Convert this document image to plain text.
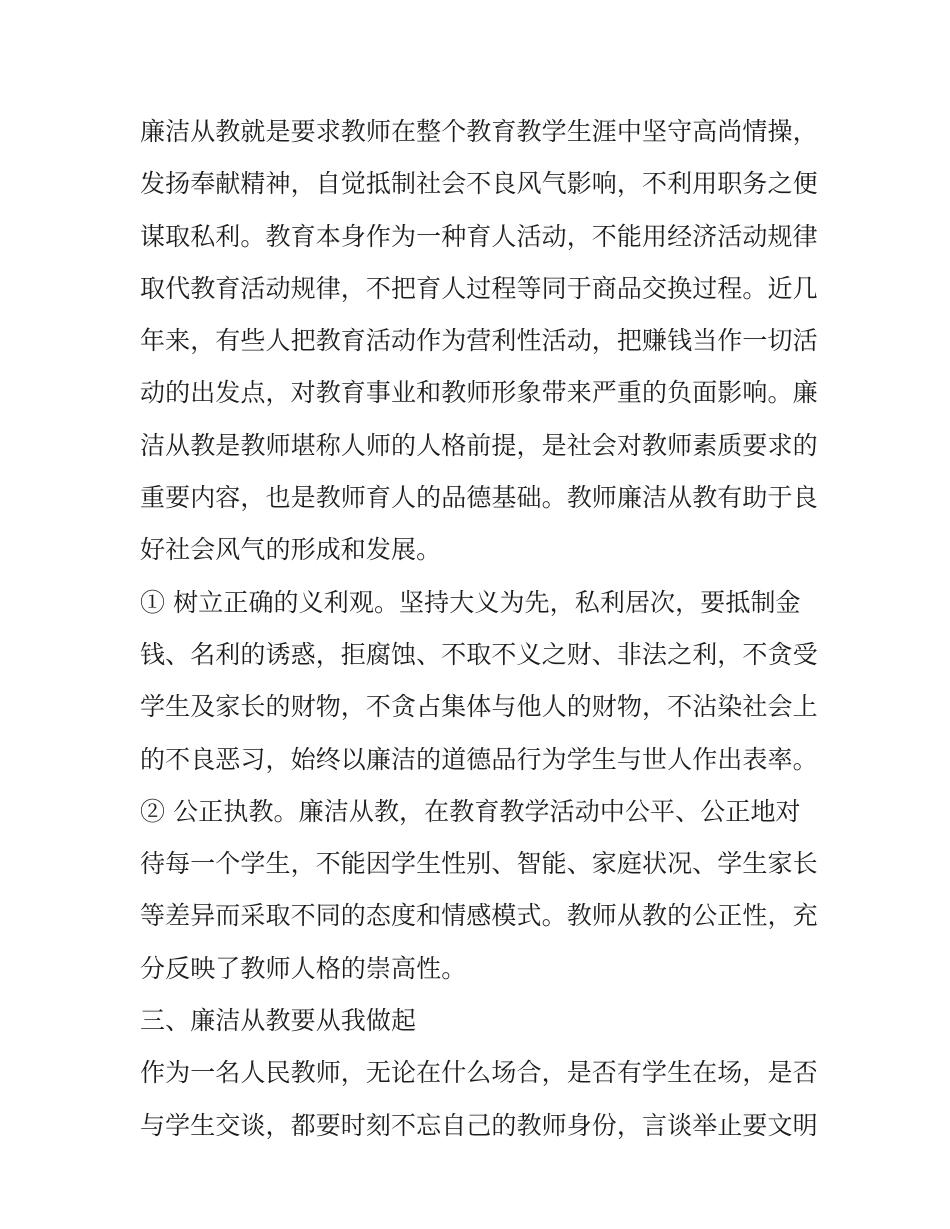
廉洁从教就是要求教师在整个教育教学生涯中坚守高尚情操，
发扬奉献精神，自觉抵制社会不良风气影响，不利用职务之便
谋取私利。教育本身作为一种育人活动，不能用经济活动规律
取代教育活动规律，不把育人过程等同于商品交换过程。近几
年来，有些人把教育活动作为营利性活动，把赚钱当作一切活
动的出发点，对教育事业和教师形象带来严重的负面影响。廉
洁从教是教师堪称人师的人格前提，是社会对教师素质要求的
重要内容，也是教师育人的品德基础。教师廉洁从教有助于良
好社会风气的形成和发展。
① 树立正确的义利观。坚持大义为先，私利居次，要抵制金
钱、名利的诱惑，拒腐蚀、不取不义之财、非法之利，不贪受
学生及家长的财物，不贪占集体与他人的财物，不沾染社会上
的不良恶习，始终以廉洁的道德品行为学生与世人作出表率。
② 公正执教。廉洁从教，在教育教学活动中公平、公正地对
待每一个学生，不能因学生性别、智能、家庭状况、学生家长
等差异而采取不同的态度和情感模式。教师从教的公正性，充
分反映了教师人格的崇高性。
三、廉洁从教要从我做起
作为一名人民教师，无论在什么场合，是否有学生在场，是否
与学生交谈，都要时刻不忘自己的教师身份，言谈举止要文明
